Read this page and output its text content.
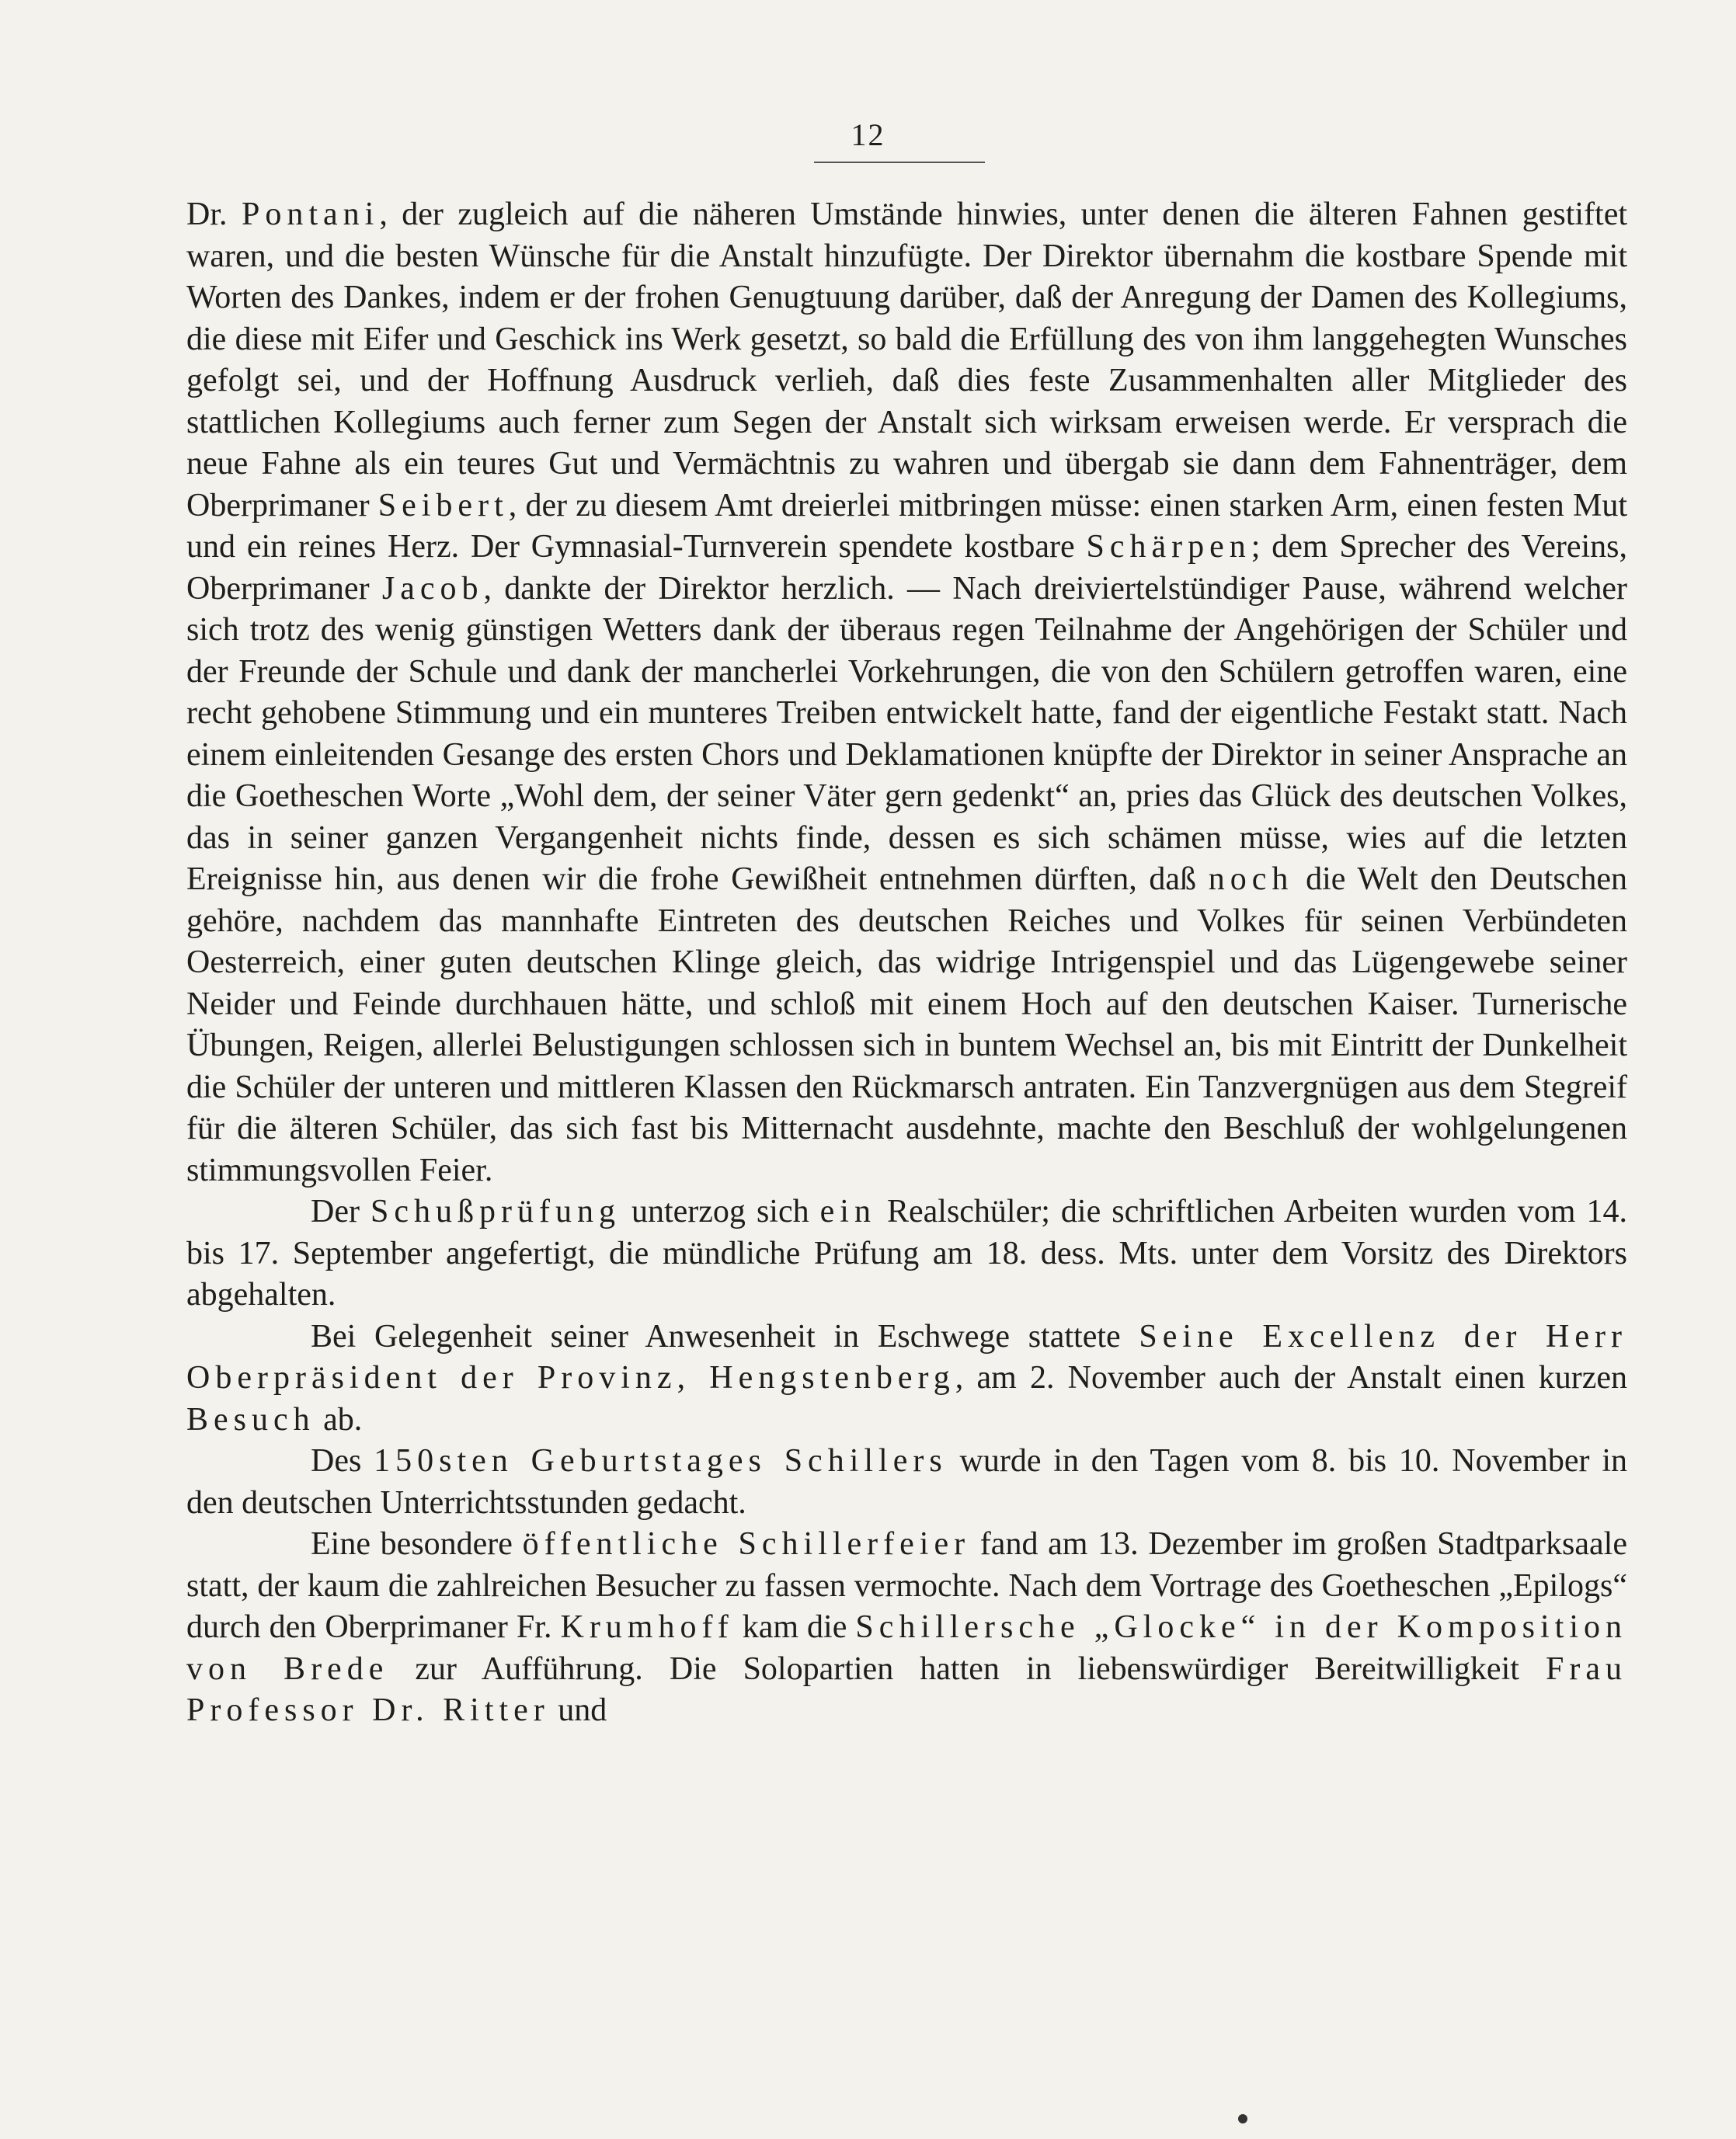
12

Dr. Pontani, der zugleich auf die näheren Umstände hinwies, unter denen die älteren Fahnen gestiftet waren, und die besten Wünsche für die Anstalt hinzufügte. Der Direktor übernahm die kostbare Spende mit Worten des Dankes, indem er der frohen Genugtuung darüber, daß der Anregung der Damen des Kollegiums, die diese mit Eifer und Geschick ins Werk gesetzt, so bald die Erfüllung des von ihm langgehegten Wunsches gefolgt sei, und der Hoffnung Ausdruck verlieh, daß dies feste Zusammenhalten aller Mitglieder des stattlichen Kollegiums auch ferner zum Segen der Anstalt sich wirksam erweisen werde. Er versprach die neue Fahne als ein teures Gut und Vermächtnis zu wahren und übergab sie dann dem Fahnenträger, dem Oberprimaner Seibert, der zu diesem Amt dreierlei mitbringen müsse: einen starken Arm, einen festen Mut und ein reines Herz. Der Gymnasial-Turnverein spendete kostbare Schärpen; dem Sprecher des Vereins, Oberprimaner Jacob, dankte der Direktor herzlich. — Nach dreiviertelstündiger Pause, während welcher sich trotz des wenig günstigen Wetters dank der überaus regen Teilnahme der Angehörigen der Schüler und der Freunde der Schule und dank der mancherlei Vorkehrungen, die von den Schülern getroffen waren, eine recht gehobene Stimmung und ein munteres Treiben entwickelt hatte, fand der eigentliche Festakt statt. Nach einem einleitenden Gesange des ersten Chors und Deklamationen knüpfte der Direktor in seiner Ansprache an die Goetheschen Worte „Wohl dem, der seiner Väter gern gedenkt“ an, pries das Glück des deutschen Volkes, das in seiner ganzen Vergangenheit nichts finde, dessen es sich schämen müsse, wies auf die letzten Ereignisse hin, aus denen wir die frohe Gewißheit entnehmen dürften, daß noch die Welt den Deutschen gehöre, nachdem das mannhafte Eintreten des deutschen Reiches und Volkes für seinen Verbündeten Oesterreich, einer guten deutschen Klinge gleich, das widrige Intrigenspiel und das Lügengewebe seiner Neider und Feinde durchhauen hätte, und schloß mit einem Hoch auf den deutschen Kaiser. Turnerische Übungen, Reigen, allerlei Belustigungen schlossen sich in buntem Wechsel an, bis mit Eintritt der Dunkelheit die Schüler der unteren und mittleren Klassen den Rückmarsch antraten. Ein Tanzvergnügen aus dem Stegreif für die älteren Schüler, das sich fast bis Mitternacht ausdehnte, machte den Beschluß der wohlgelungenen stimmungsvollen Feier.

Der Schußprüfung unterzog sich ein Realschüler; die schriftlichen Arbeiten wurden vom 14. bis 17. September angefertigt, die mündliche Prüfung am 18. dess. Mts. unter dem Vorsitz des Direktors abgehalten.

Bei Gelegenheit seiner Anwesenheit in Eschwege stattete Seine Excellenz der Herr Oberpräsident der Provinz, Hengstenberg, am 2. November auch der Anstalt einen kurzen Besuch ab.

Des 150sten Geburtstages Schillers wurde in den Tagen vom 8. bis 10. November in den deutschen Unterrichtsstunden gedacht.

Eine besondere öffentliche Schillerfeier fand am 13. Dezember im großen Stadtparksaale statt, der kaum die zahlreichen Besucher zu fassen vermochte. Nach dem Vortrage des Goetheschen „Epilogs“ durch den Oberprimaner Fr. Krumhoff kam die Schillersche „Glocke“ in der Komposition von Brede zur Aufführung. Die Solopartien hatten in liebenswürdiger Bereitwilligkeit Frau Professor Dr. Ritter und
